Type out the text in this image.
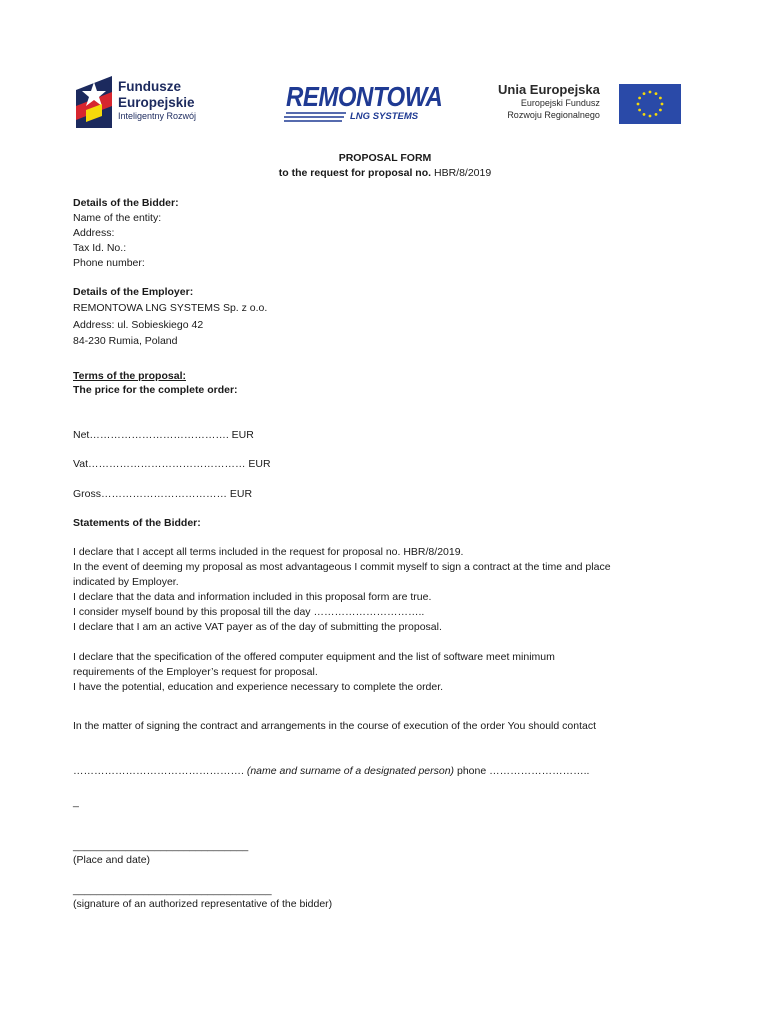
Fundusze
Europejskie
Inteligentny Rozwój
REMONTOWA
LNG SYSTEMS
Unia Europejska
Europejski Fundusz
Rozwoju Regionalnego
PROPOSAL FORM
to the request for proposal no. HBR/8/2019
Details of the Bidder:
Name of the entity:
Address:
Tax Id. No.:
Phone number:
Details of the Employer:
REMONTOWA LNG SYSTEMS Sp. z o.o.
Address: ul. Sobieskiego 42
84-230 Rumia, Poland
Terms of the proposal:
The price for the complete order:
Net…………………………………. EUR
Vat……………………………………… EUR
Gross……………………………… EUR
Statements of the Bidder:
I declare that I accept all terms included in the request for proposal no. HBR/8/2019.
In the event of deeming my proposal as most advantageous I commit myself to sign a contract at the time and place
indicated by Employer.
I declare that the data and information included in this proposal form are true.
I consider myself bound by this proposal till the day …………………………..
I declare that I am an active VAT payer as of the day of submitting the proposal.
I declare that the specification of the offered computer equipment and the list of software meet minimum
requirements of the Employer’s request for proposal.
I have the potential, education and experience necessary to complete the order.
In the matter of signing the contract and arrangements in the course of execution of the order You should contact
…………………………………………. (name and surname of a designated person) phone ………………………..
_
______________________________
(Place and date)
__________________________________
(signature of an authorized representative of the bidder)
